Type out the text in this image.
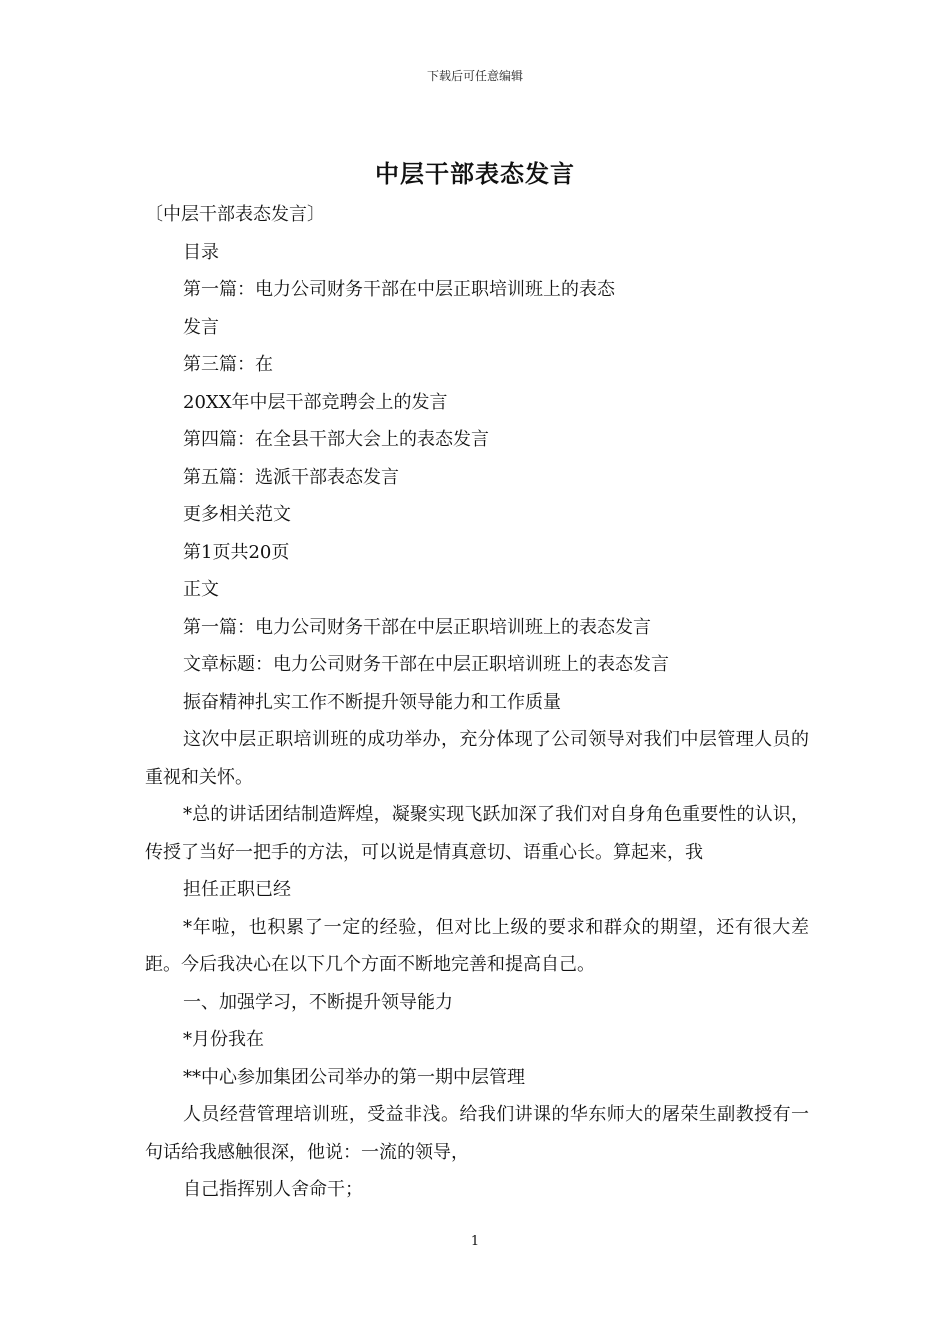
下载后可任意编辑
中层干部表态发言

〔中层干部表态发言〕

目录

第一篇：电力公司财务干部在中层正职培训班上的表态

发言

第三篇：在

20XX年中层干部竞聘会上的发言

第四篇：在全县干部大会上的表态发言

第五篇：选派干部表态发言

更多相关范文

第1页共20页

正文

第一篇：电力公司财务干部在中层正职培训班上的表态发言

文章标题：电力公司财务干部在中层正职培训班上的表态发言

振奋精神扎实工作不断提升领导能力和工作质量

这次中层正职培训班的成功举办，充分体现了公司领导对我们中层管理人员的重视和关怀。

*总的讲话团结制造辉煌，凝聚实现飞跃加深了我们对自身角色重要性的认识，传授了当好一把手的方法，可以说是情真意切、语重心长。算起来，我

担任正职已经

*年啦，也积累了一定的经验，但对比上级的要求和群众的期望，还有很大差距。今后我决心在以下几个方面不断地完善和提高自己。

一、加强学习，不断提升领导能力

*月份我在

**中心参加集团公司举办的第一期中层管理

人员经营管理培训班，受益非浅。给我们讲课的华东师大的屠荣生副教授有一句话给我感触很深，他说：一流的领导，

自己指挥别人舍命干；

1
